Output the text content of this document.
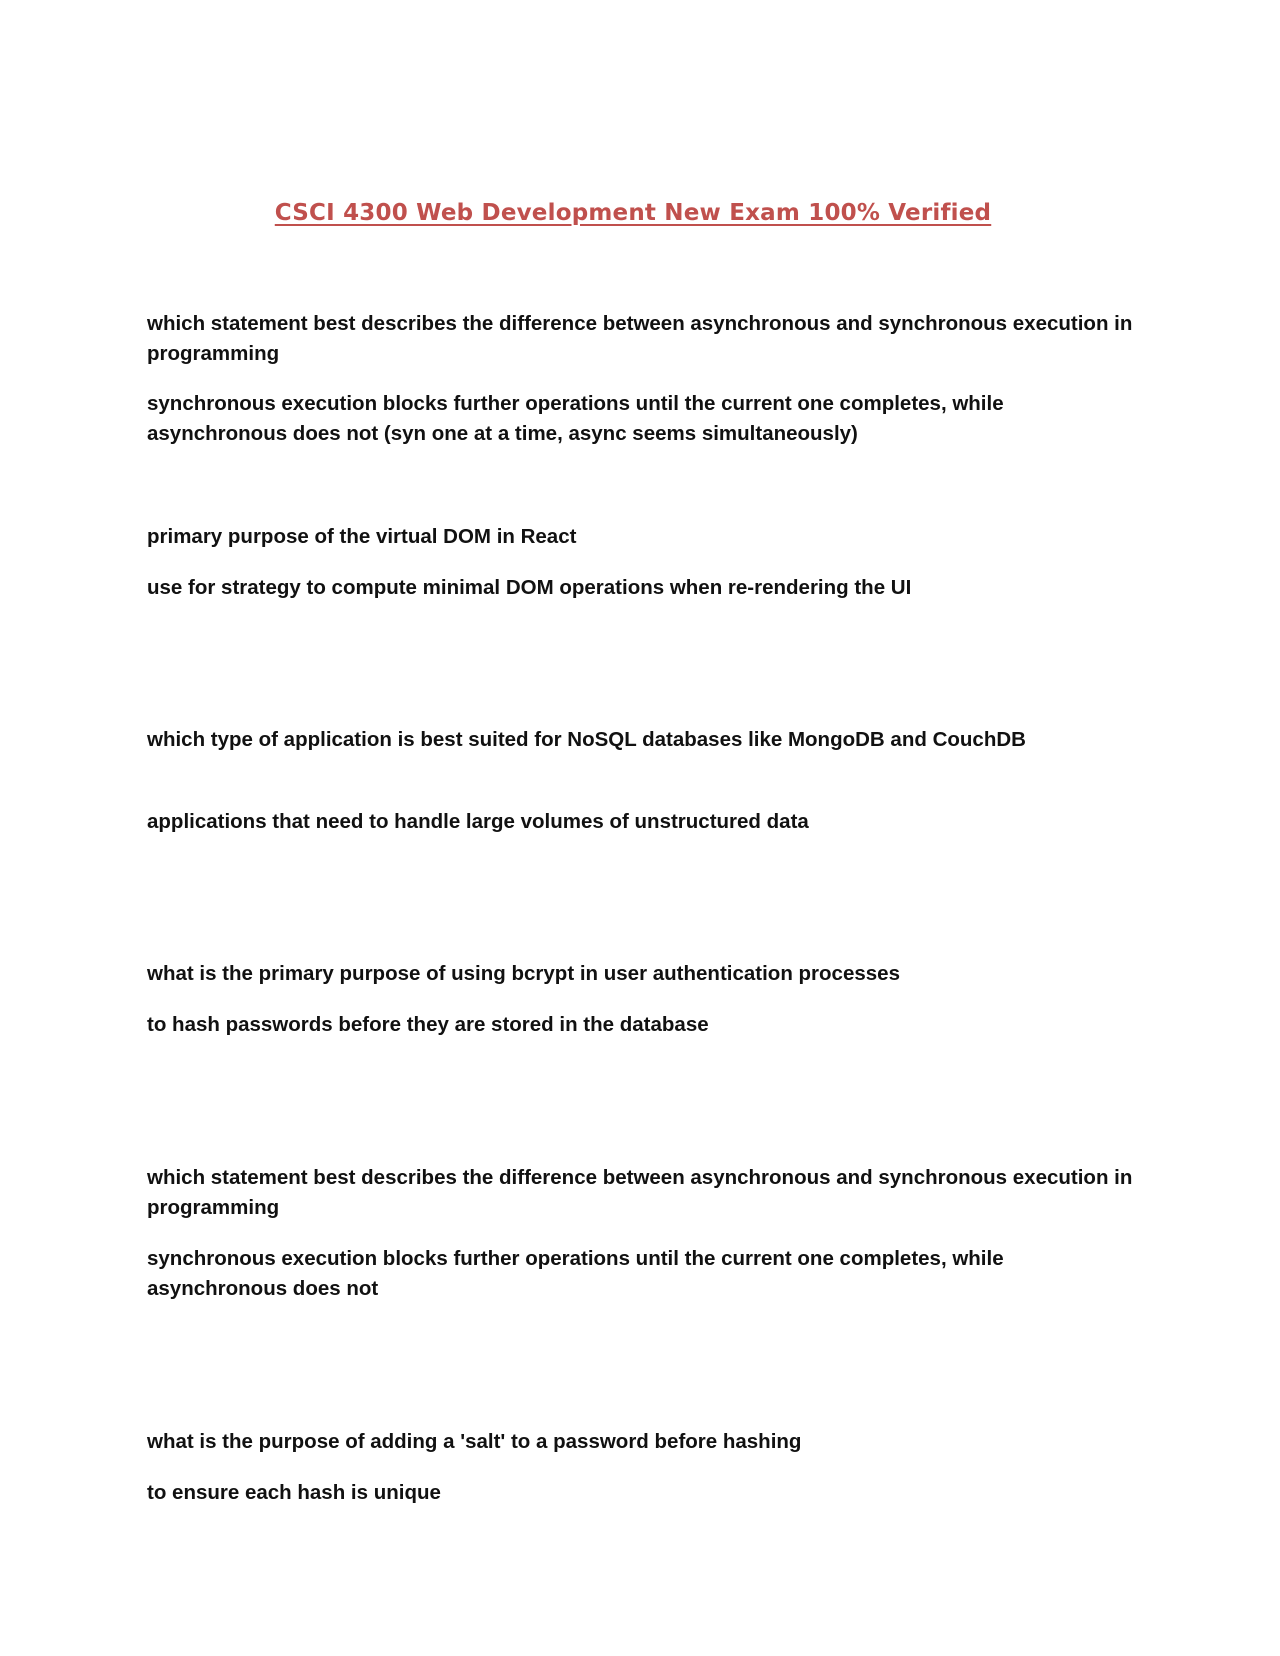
CSCI 4300 Web Development New Exam 100% Verified

which statement best describes the difference between asynchronous and synchronous execution in programming

synchronous execution blocks further operations until the current one completes, while asynchronous does not (syn one at a time, async seems simultaneously)

primary purpose of the virtual DOM in React

use for strategy to compute minimal DOM operations when re-rendering the UI

which type of application is best suited for NoSQL databases like MongoDB and CouchDB

applications that need to handle large volumes of unstructured data

what is the primary purpose of using bcrypt in user authentication processes

to hash passwords before they are stored in the database

which statement best describes the difference between asynchronous and synchronous execution in programming

synchronous execution blocks further operations until the current one completes, while asynchronous does not

what is the purpose of adding a 'salt' to a password before hashing

to ensure each hash is unique
